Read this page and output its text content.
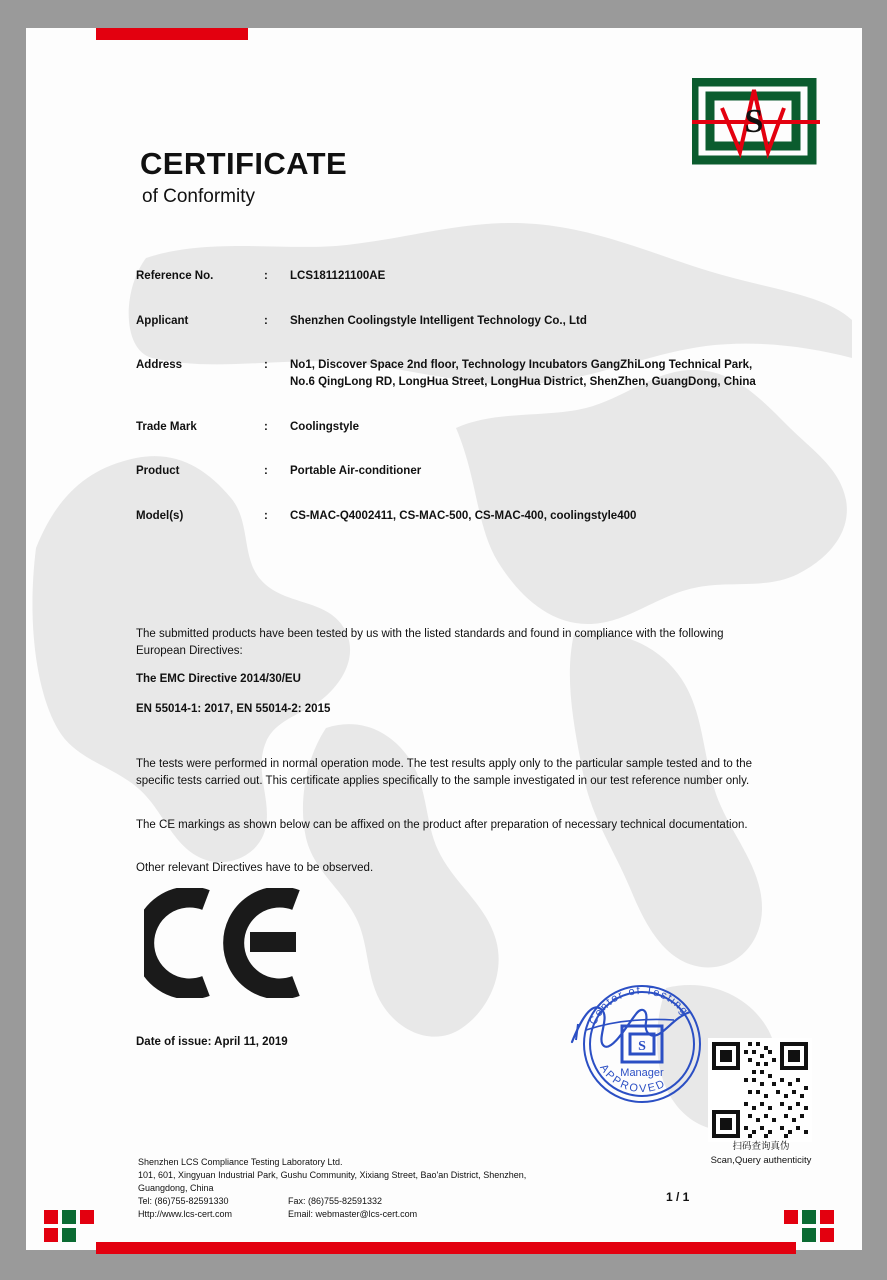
S
CERTIFICATE
of Conformity
Reference No.	:	LCS181121100AE
Applicant	:	Shenzhen Coolingstyle Intelligent Technology Co., Ltd
Address	:	No1, Discover Space 2nd floor, Technology Incubators GangZhiLong Technical Park, No.6 QingLong RD, LongHua Street, LongHua District, ShenZhen, GuangDong, China
Trade Mark	:	Coolingstyle
Product	:	Portable Air-conditioner
Model(s)	:	CS-MAC-Q4002411, CS-MAC-500, CS-MAC-400, coolingstyle400
The submitted products have been tested by us with the listed standards and found in compliance with the following European Directives:
The EMC Directive 2014/30/EU
EN 55014-1: 2017, EN 55014-2: 2015
The tests were performed in normal operation mode. The test results apply only to the particular sample tested and to the specific tests carried out. This certificate applies specifically to the sample investigated in our test reference number only.
The CE markings as shown below can be affixed on the product after preparation of necessary technical documentation.
Other relevant Directives have to be observed.
Date of issue: April 11, 2019
Center of Testing
APPROVED
S
Manager
扫码查询真伪
Scan,Query authenticity
Shenzhen LCS Compliance Testing Laboratory Ltd.
101, 601, Xingyuan Industrial Park, Gushu Community, Xixiang Street, Bao'an District, Shenzhen,
Guangdong, China
Tel: (86)755-82591330	Fax: (86)755-82591332
Http://www.lcs-cert.com	Email: webmaster@lcs-cert.com
1 / 1
